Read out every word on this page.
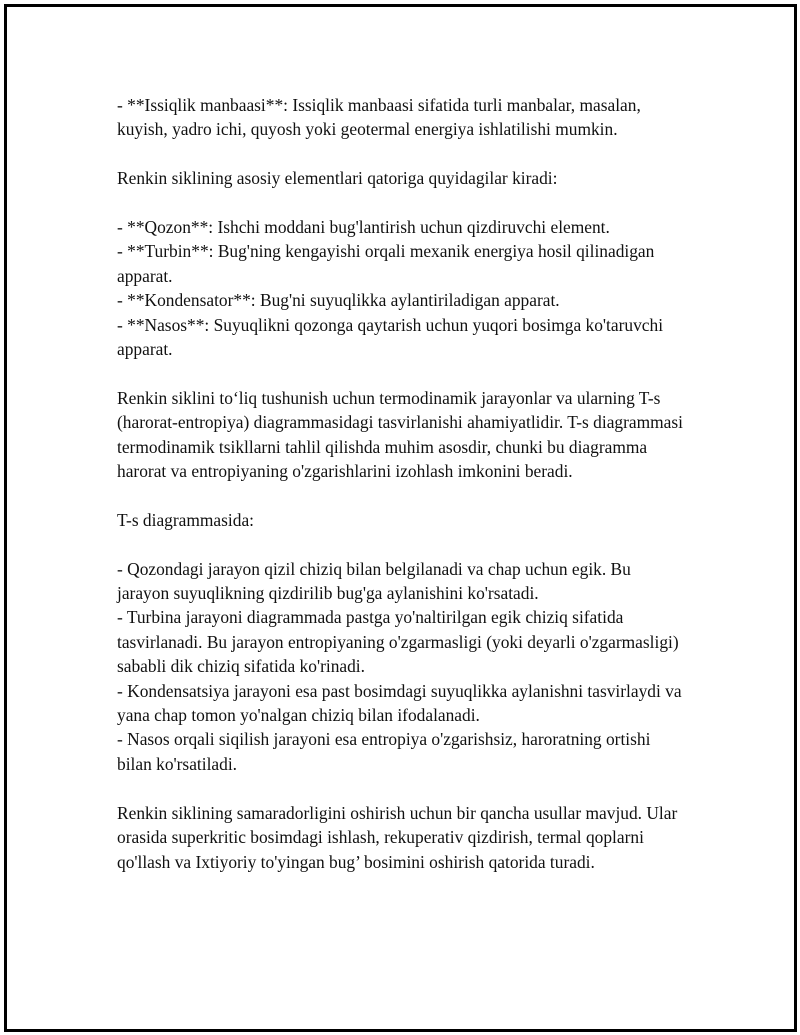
- **Issiqlik manbaasi**: Issiqlik manbaasi sifatida turli manbalar, masalan, kuyish, yadro ichi, quyosh yoki geotermal energiya ishlatilishi mumkin.

Renkin siklining asosiy elementlari qatoriga quyidagilar kiradi:

- **Qozon**: Ishchi moddani bug'lantirish uchun qizdiruvchi element.
- **Turbin**: Bug'ning kengayishi orqali mexanik energiya hosil qilinadigan apparat.
- **Kondensator**: Bug'ni suyuqlikka aylantiriladigan apparat.
- **Nasos**: Suyuqlikni qozonga qaytarish uchun yuqori bosimga ko'taruvchi apparat.

Renkin siklini to‘liq tushunish uchun termodinamik jarayonlar va ularning T-s (harorat-entropiya) diagrammasidagi tasvirlanishi ahamiyatlidir. T-s diagrammasi termodinamik tsikllarni tahlil qilishda muhim asosdir, chunki bu diagramma harorat va entropiyaning o'zgarishlarini izohlash imkonini beradi.

T-s diagrammasida:

- Qozondagi jarayon qizil chiziq bilan belgilanadi va chap uchun egik. Bu jarayon suyuqlikning qizdirilib bug'ga aylanishini ko'rsatadi.
- Turbina jarayoni diagrammada pastga yo'naltirilgan egik chiziq sifatida tasvirlanadi. Bu jarayon entropiyaning o'zgarmasligi (yoki deyarli o'zgarmasligi) sababli dik chiziq sifatida ko'rinadi.
- Kondensatsiya jarayoni esa past bosimdagi suyuqlikka aylanishni tasvirlaydi va yana chap tomon yo'nalgan chiziq bilan ifodalanadi.
- Nasos orqali siqilish jarayoni esa entropiya o'zgarishsiz, haroratning ortishi bilan ko'rsatiladi.

Renkin siklining samaradorligini oshirish uchun bir qancha usullar mavjud. Ular orasida superkritic bosimdagi ishlash, rekuperativ qizdirish, termal qoplarni qo'llash va Ixtiyoriy to'yingan bug’ bosimini oshirish qatorida turadi.
